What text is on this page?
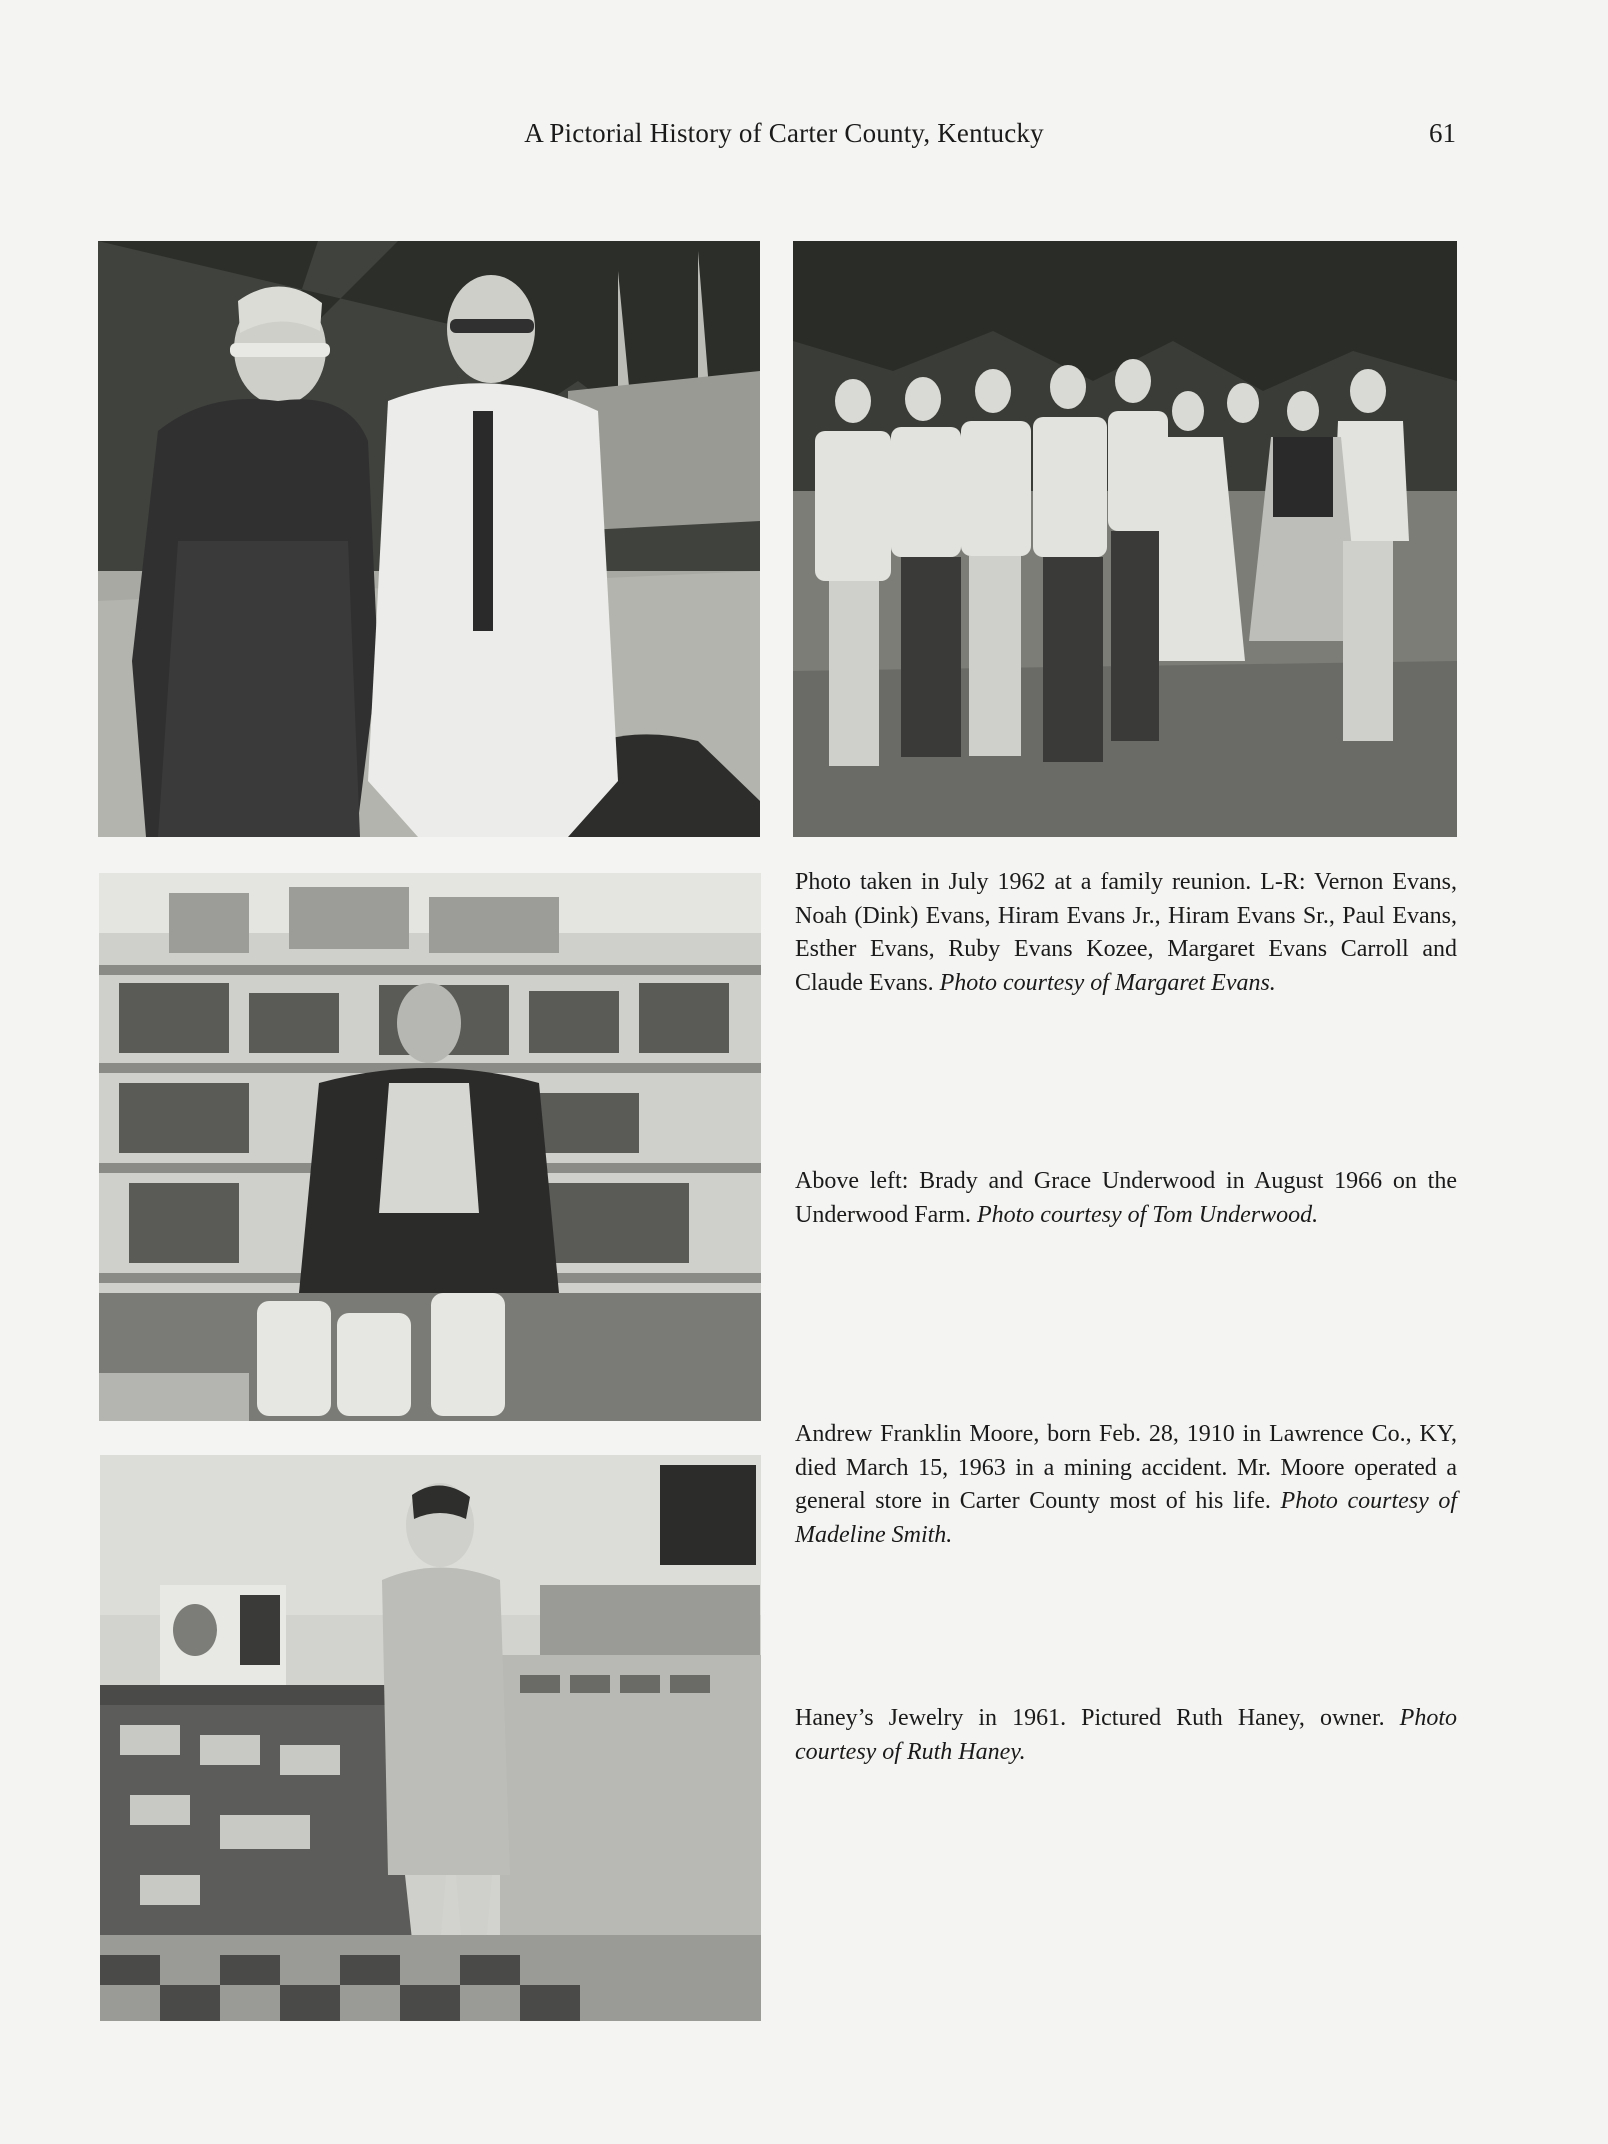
A Pictorial History of Carter County, Kentucky	61
Photo taken in July 1962 at a family reunion. L-R: Vernon Evans, Noah (Dink) Evans, Hiram Evans Jr., Hiram Evans Sr., Paul Evans, Esther Evans, Ruby Evans Kozee, Margaret Evans Carroll and Claude Evans. Photo courtesy of Margaret Evans.
Above left: Brady and Grace Underwood in August 1966 on the Underwood Farm. Photo courtesy of Tom Underwood.
Andrew Franklin Moore, born Feb. 28, 1910 in Lawrence Co., KY, died March 15, 1963 in a mining accident. Mr. Moore operated a general store in Carter County most of his life. Photo courtesy of Madeline Smith.
Haney’s Jewelry in 1961. Pictured Ruth Haney, owner. Photo courtesy of Ruth Haney.
